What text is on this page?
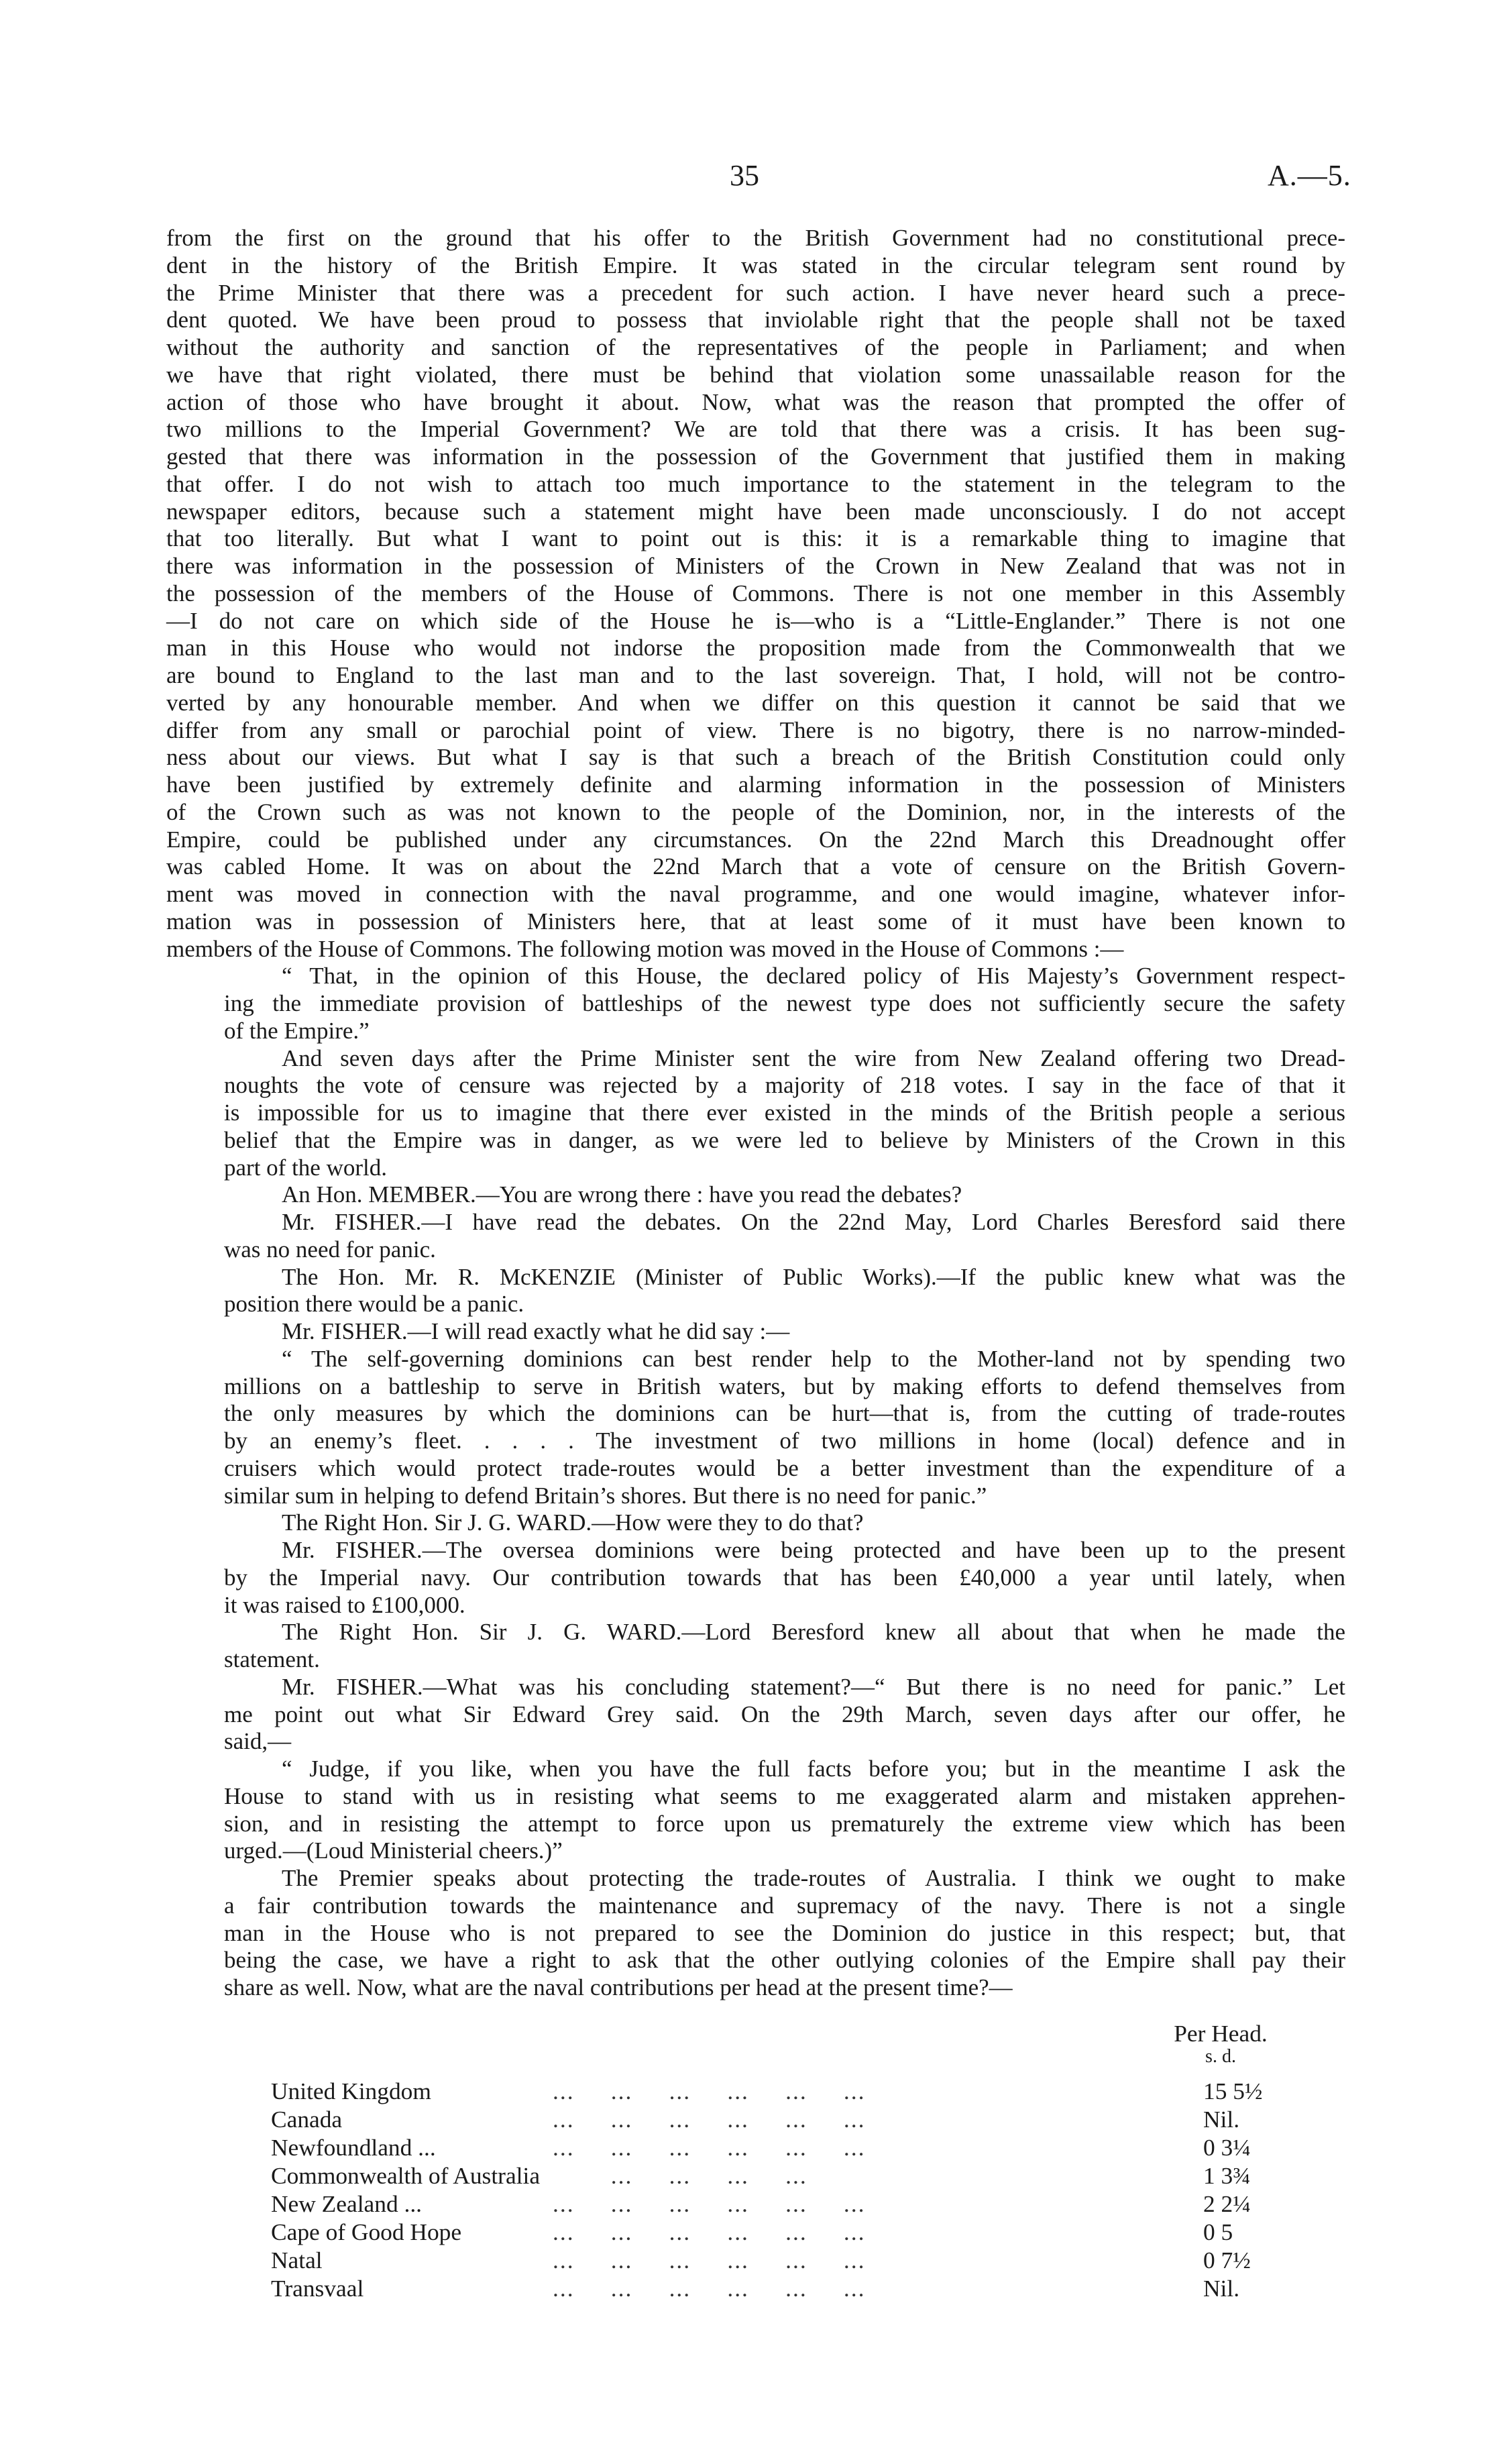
35	A.—5.

from the first on the ground that his offer to the British Government had no constitutional prece-
dent in the history of the British Empire. It was stated in the circular telegram sent round by
the Prime Minister that there was a precedent for such action. I have never heard such a prece-
dent quoted. We have been proud to possess that inviolable right that the people shall not be taxed
without the authority and sanction of the representatives of the people in Parliament; and when
we have that right violated, there must be behind that violation some unassailable reason for the
action of those who have brought it about. Now, what was the reason that prompted the offer of
two millions to the Imperial Government? We are told that there was a crisis. It has been sug-
gested that there was information in the possession of the Government that justified them in making
that offer. I do not wish to attach too much importance to the statement in the telegram to the
newspaper editors, because such a statement might have been made unconsciously. I do not accept
that too literally. But what I want to point out is this: it is a remarkable thing to imagine that
there was information in the possession of Ministers of the Crown in New Zealand that was not in
the possession of the members of the House of Commons. There is not one member in this Assembly
—I do not care on which side of the House he is—who is a “Little-Englander.” There is not one
man in this House who would not indorse the proposition made from the Commonwealth that we
are bound to England to the last man and to the last sovereign. That, I hold, will not be contro-
verted by any honourable member. And when we differ on this question it cannot be said that we
differ from any small or parochial point of view. There is no bigotry, there is no narrow-minded-
ness about our views. But what I say is that such a breach of the British Constitution could only
have been justified by extremely definite and alarming information in the possession of Ministers
of the Crown such as was not known to the people of the Dominion, nor, in the interests of the
Empire, could be published under any circumstances. On the 22nd March this Dreadnought offer
was cabled Home. It was on about the 22nd March that a vote of censure on the British Govern-
ment was moved in connection with the naval programme, and one would imagine, whatever infor-
mation was in possession of Ministers here, that at least some of it must have been known to
members of the House of Commons. The following motion was moved in the House of Commons :—

“ That, in the opinion of this House, the declared policy of His Majesty’s Government respect-
ing the immediate provision of battleships of the newest type does not sufficiently secure the safety
of the Empire.”

And seven days after the Prime Minister sent the wire from New Zealand offering two Dread-
noughts the vote of censure was rejected by a majority of 218 votes. I say in the face of that it
is impossible for us to imagine that there ever existed in the minds of the British people a serious
belief that the Empire was in danger, as we were led to believe by Ministers of the Crown in this
part of the world.

An Hon. MEMBER.—You are wrong there : have you read the debates?

Mr. FISHER.—I have read the debates. On the 22nd May, Lord Charles Beresford said there
was no need for panic.

The Hon. Mr. R. McKENZIE (Minister of Public Works).—If the public knew what was the
position there would be a panic.

Mr. FISHER.—I will read exactly what he did say :—

“ The self-governing dominions can best render help to the Mother-land not by spending two
millions on a battleship to serve in British waters, but by making efforts to defend themselves from
the only measures by which the dominions can be hurt—that is, from the cutting of trade-routes
by an enemy’s fleet. . . . . The investment of two millions in home (local) defence and in
cruisers which would protect trade-routes would be a better investment than the expenditure of a
similar sum in helping to defend Britain’s shores. But there is no need for panic.”

The Right Hon. Sir J. G. WARD.—How were they to do that?

Mr. FISHER.—The oversea dominions were being protected and have been up to the present
by the Imperial navy. Our contribution towards that has been £40,000 a year until lately, when
it was raised to £100,000.

The Right Hon. Sir J. G. WARD.—Lord Beresford knew all about that when he made the
statement.

Mr. FISHER.—What was his concluding statement?—“ But there is no need for panic.” Let
me point out what Sir Edward Grey said. On the 29th March, seven days after our offer, he
said,—

“ Judge, if you like, when you have the full facts before you; but in the meantime I ask the
House to stand with us in resisting what seems to me exaggerated alarm and mistaken apprehen-
sion, and in resisting the attempt to force upon us prematurely the extreme view which has been
urged.—(Loud Ministerial cheers.)”

The Premier speaks about protecting the trade-routes of Australia. I think we ought to make
a fair contribution towards the maintenance and supremacy of the navy. There is not a single
man in the House who is not prepared to see the Dominion do justice in this respect; but, that
being the case, we have a right to ask that the other outlying colonies of the Empire shall pay their
share as well. Now, what are the naval contributions per head at the present time?—

Per Head.
s. d.
United Kingdom	...     ...     ...     ...     ...     ...	15 5½
Canada	...     ...     ...     ...     ...     ...	Nil.
Newfoundland ...	...     ...     ...     ...     ...     ...	0 3¼
Commonwealth of Australia ...     ...     ...     ...	1 3¾
New Zealand ...	...     ...     ...     ...     ...     ...	2 2¼
Cape of Good Hope	...     ...     ...     ...     ...     ...	0 5
Natal	...     ...     ...     ...     ...     ...	0 7½
Transvaal	...     ...     ...     ...     ...     ...	Nil.
